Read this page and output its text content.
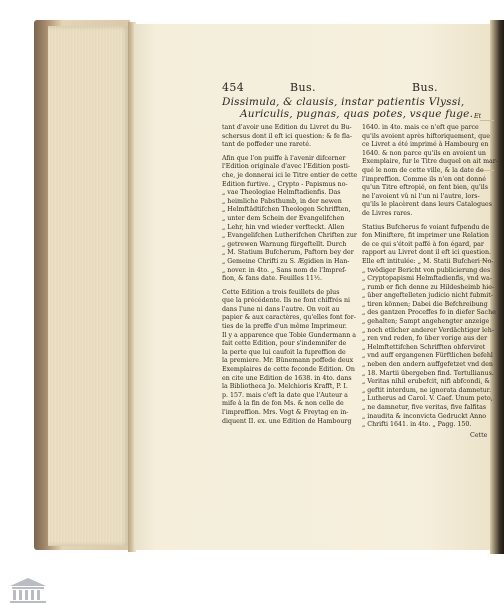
454	Bus.	Bus.
Et
Dissimula, & clausis, instar patientis Vlyssi,
Auriculis, pugnas, quas potes, vsque fuge.
tant d'avoir une Edition du Livret du Bu-
schersus dont il eft ici question: & fe fla-
tant de poffeder une rareté.
Afin que l'on puiffe à l'avenir difcerner
l'Edition originale d'avec l'Edition posti-
che, je donnerai ici le Titre entier de cette
Edition furtive. „ Crypto - Papismus no-
„ vae Theologiae Helmftadienfis. Das
„ heimliche Pabsthumb, in der newen
„ Helmftädtifchen Theologen Schrifften,
„ unter dem Schein der Evangelifchen
„ Lehr, hin vnd wieder verfteckt. Allen
„ Evangelifchen Lutherifchen Chriften zur
„ getrewen Warnung fürgeftellt. Durch
„ M. Statium Bufcherum, Paftorn bey der
„ Gemeine Chrifti zu S. Ægidien in Han-
„ nover. in 4to. „ Sans nom de l'Impref-
fion, & fans date. Feuilles 11½.
Cette Edition a trois feuillets de plus
que la précédente. Ils ne font chiffrés ni
dans l'une ni dans l'autre. On voit au
papier & aux caractères, qu'elles font for-
ties de la preffe d'un même Imprimeur.
Il y a apparence que Tobie Gundermann a
fait cette Edition, pour s'indemnifer de
la perte que lui caufoit la fupreffion de
la premiere. Mr. Bünemann poffede deux
Exemplaires de cette feconde Edition. On
en cite une Edition de 1638. in 4to. dans
la Bibliotheca Jo. Melchioris Krafft, P. I.
p. 157. mais c'eft la date que l'Auteur a
mife à la fin de fon Ms. & non celle de
l'impreffion. Mrs. Vogt & Freytag en in-
diquent II. ex. une Edition de Hambourg
1640. in 4to. mais ce n'eft que parce
qu'ils avoient après hiftoriquement, que
ce Livret a été imprimé à Hambourg en
1640. & non parce qu'ils en avoient un
Exemplaire, fur le Titre duquel on ait mar-
qué le nom de cette ville, & la date de
l'impreffion. Comme ils n'en ont donné
qu'un Titre eftropié, on fent bien, qu'ils
ne l'avoient vû ni l'un ni l'autre, lors-
qu'ils le placèrent dans leurs Catalogues
de Livres rares.
Statius Bufcherus fe voiant fufpendu de
fon Miniftere, fit imprimer une Relation
de ce qui s'étoit paffé à fon égard, par
rapport au Livret dont il eft ici question.
Elle eft intitulée: „ M. Statii Bufcheri No-
„ twödiger Bericht von publicierung des
„ Cryptopapismi Helmftadienfis, vnd wa-
„ rumb er fich denne zu Hildesheimb hie-
„ über angeftelleten judicio nicht fubmit-
„ tiren können; Dabei die Befchreibung
„ des gantzen Proceffes fo in diefer Sache
„ gehalten; Sampt angehengter anzeige
„ noch etlicher anderer Verdächtiger leh-
„ ren vnd reden, fo über vorige aus der
„ Helmftettifchen Schrifften obferviret
„ vnd auff ergangenen Fürftlichen befehl
„ neben den andern auffgefetzet vnd den
„ 18. Martii übergeben find. Tertullianus.
„ Veritas nihil erubefcit, nifi abfcondi, &
„ geftit interdum, ne ignorata damnetur.
„ Lutherus ad Carol. V. Caef. Unum peto,
„ ne damnetur, five veritas, five falfitas
„ inaudita & inconvicta Gedruckt Anno
„ Chrifti 1641. in 4to. „ Pagg. 150.
Cette
